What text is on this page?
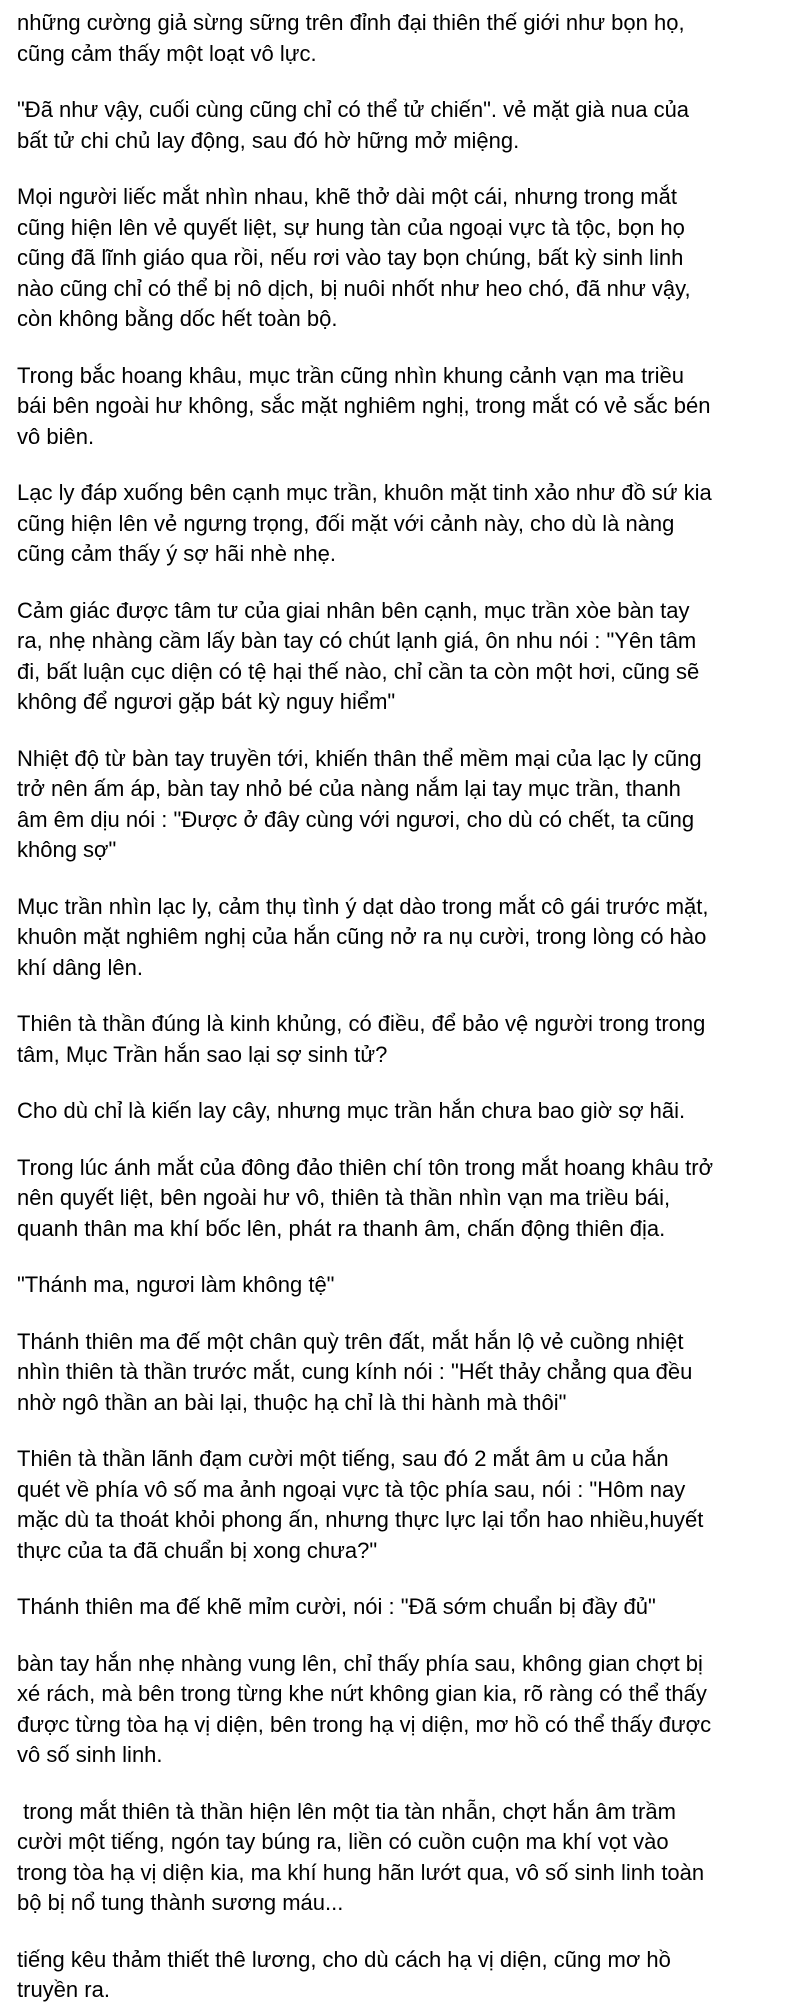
những cường giả sừng sững trên đỉnh đại thiên thế giới như bọn họ,
cũng cảm thấy một loạt vô lực.

"Đã như vậy, cuối cùng cũng chỉ có thể tử chiến". vẻ mặt già nua của
bất tử chi chủ lay động, sau đó hờ hững mở miệng.

Mọi người liếc mắt nhìn nhau, khẽ thở dài một cái, nhưng trong mắt
cũng hiện lên vẻ quyết liệt, sự hung tàn của ngoại vực tà tộc, bọn họ
cũng đã lĩnh giáo qua rồi, nếu rơi vào tay bọn chúng, bất kỳ sinh linh
nào cũng chỉ có thể bị nô dịch, bị nuôi nhốt như heo chó, đã như vậy,
còn không bằng dốc hết toàn bộ.

Trong bắc hoang khâu, mục trần cũng nhìn khung cảnh vạn ma triều
bái bên ngoài hư không, sắc mặt nghiêm nghị, trong mắt có vẻ sắc bén
vô biên.

Lạc ly đáp xuống bên cạnh mục trần, khuôn mặt tinh xảo như đồ sứ kia
cũng hiện lên vẻ ngưng trọng, đối mặt với cảnh này, cho dù là nàng
cũng cảm thấy ý sợ hãi nhè nhẹ.

Cảm giác được tâm tư của giai nhân bên cạnh, mục trần xòe bàn tay
ra, nhẹ nhàng cầm lấy bàn tay có chút lạnh giá, ôn nhu nói : "Yên tâm
đi, bất luận cục diện có tệ hại thế nào, chỉ cần ta còn một hơi, cũng sẽ
không để ngươi gặp bát kỳ nguy hiểm"

Nhiệt độ từ bàn tay truyền tới, khiến thân thể mềm mại của lạc ly cũng
trở nên ấm áp, bàn tay nhỏ bé của nàng nắm lại tay mục trần, thanh
âm êm dịu nói : "Được ở đây cùng với ngươi, cho dù có chết, ta cũng
không sợ"

Mục trần nhìn lạc ly, cảm thụ tình ý dạt dào trong mắt cô gái trước mặt,
khuôn mặt nghiêm nghị của hắn cũng nở ra nụ cười, trong lòng có hào
khí dâng lên.

Thiên tà thần đúng là kinh khủng, có điều, để bảo vệ người trong trong
tâm, Mục Trần hắn sao lại sợ sinh tử?

Cho dù chỉ là kiến lay cây, nhưng mục trần hắn chưa bao giờ sợ hãi.

Trong lúc ánh mắt của đông đảo thiên chí tôn trong mắt hoang khâu trở
nên quyết liệt, bên ngoài hư vô, thiên tà thần nhìn vạn ma triều bái,
quanh thân ma khí bốc lên, phát ra thanh âm, chấn động thiên địa.

"Thánh ma, ngươi làm không tệ"

Thánh thiên ma đế một chân quỳ trên đất, mắt hắn lộ vẻ cuồng nhiệt
nhìn thiên tà thần trước mắt, cung kính nói : "Hết thảy chẳng qua đều
nhờ ngô thần an bài lại, thuộc hạ chỉ là thi hành mà thôi"

Thiên tà thần lãnh đạm cười một tiếng, sau đó 2 mắt âm u của hắn
quét về phía vô số ma ảnh ngoại vực tà tộc phía sau, nói : "Hôm nay
mặc dù ta thoát khỏi phong ấn, nhưng thực lực lại tổn hao nhiều,huyết
thực của ta đã chuẩn bị xong chưa?"

Thánh thiên ma đế khẽ mỉm cười, nói : "Đã sớm chuẩn bị đầy đủ"

bàn tay hắn nhẹ nhàng vung lên, chỉ thấy phía sau, không gian chợt bị
xé rách, mà bên trong từng khe nứt không gian kia, rõ ràng có thể thấy
được từng tòa hạ vị diện, bên trong hạ vị diện, mơ hồ có thể thấy được
vô số sinh linh.

trong mắt thiên tà thần hiện lên một tia tàn nhẫn, chợt hắn âm trầm
cười một tiếng, ngón tay búng ra, liền có cuồn cuộn ma khí vọt vào
trong tòa hạ vị diện kia, ma khí hung hãn lướt qua, vô số sinh linh toàn
bộ bị nổ tung thành sương máu...

tiếng kêu thảm thiết thê lương, cho dù cách hạ vị diện, cũng mơ hồ
truyền ra.
